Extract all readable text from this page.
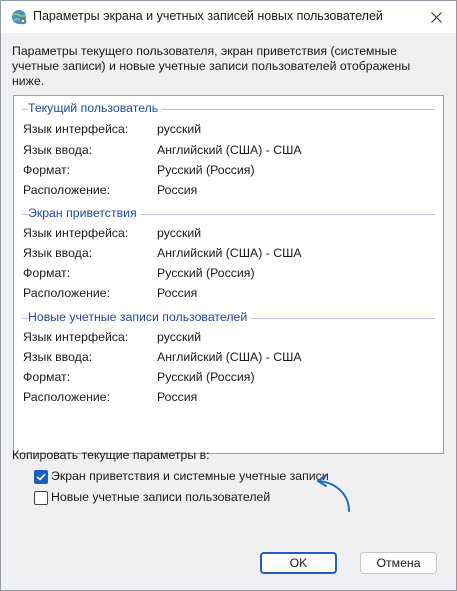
Параметры экрана и учетных записей новых пользователей
Параметры текущего пользователя, экран приветствия (системные учетные записи) и новые учетные записи пользователей отображены ниже.
Текущий пользователь
Язык интерфейса: русский
Язык ввода:	Английский (США) - США
Формат:	Русский (Россия)
Расположение:	Россия
Экран приветствия
Язык интерфейса: русский
Язык ввода:	Английский (США) - США
Формат:	Русский (Россия)
Расположение:	Россия
Новые учетные записи пользователей
Язык интерфейса: русский
Язык ввода:	Английский (США) - США
Формат:	Русский (Россия)
Расположение:	Россия
Копировать текущие параметры в:
Экран приветствия и системные учетные записи
Новые учетные записи пользователей
OK	Отмена
